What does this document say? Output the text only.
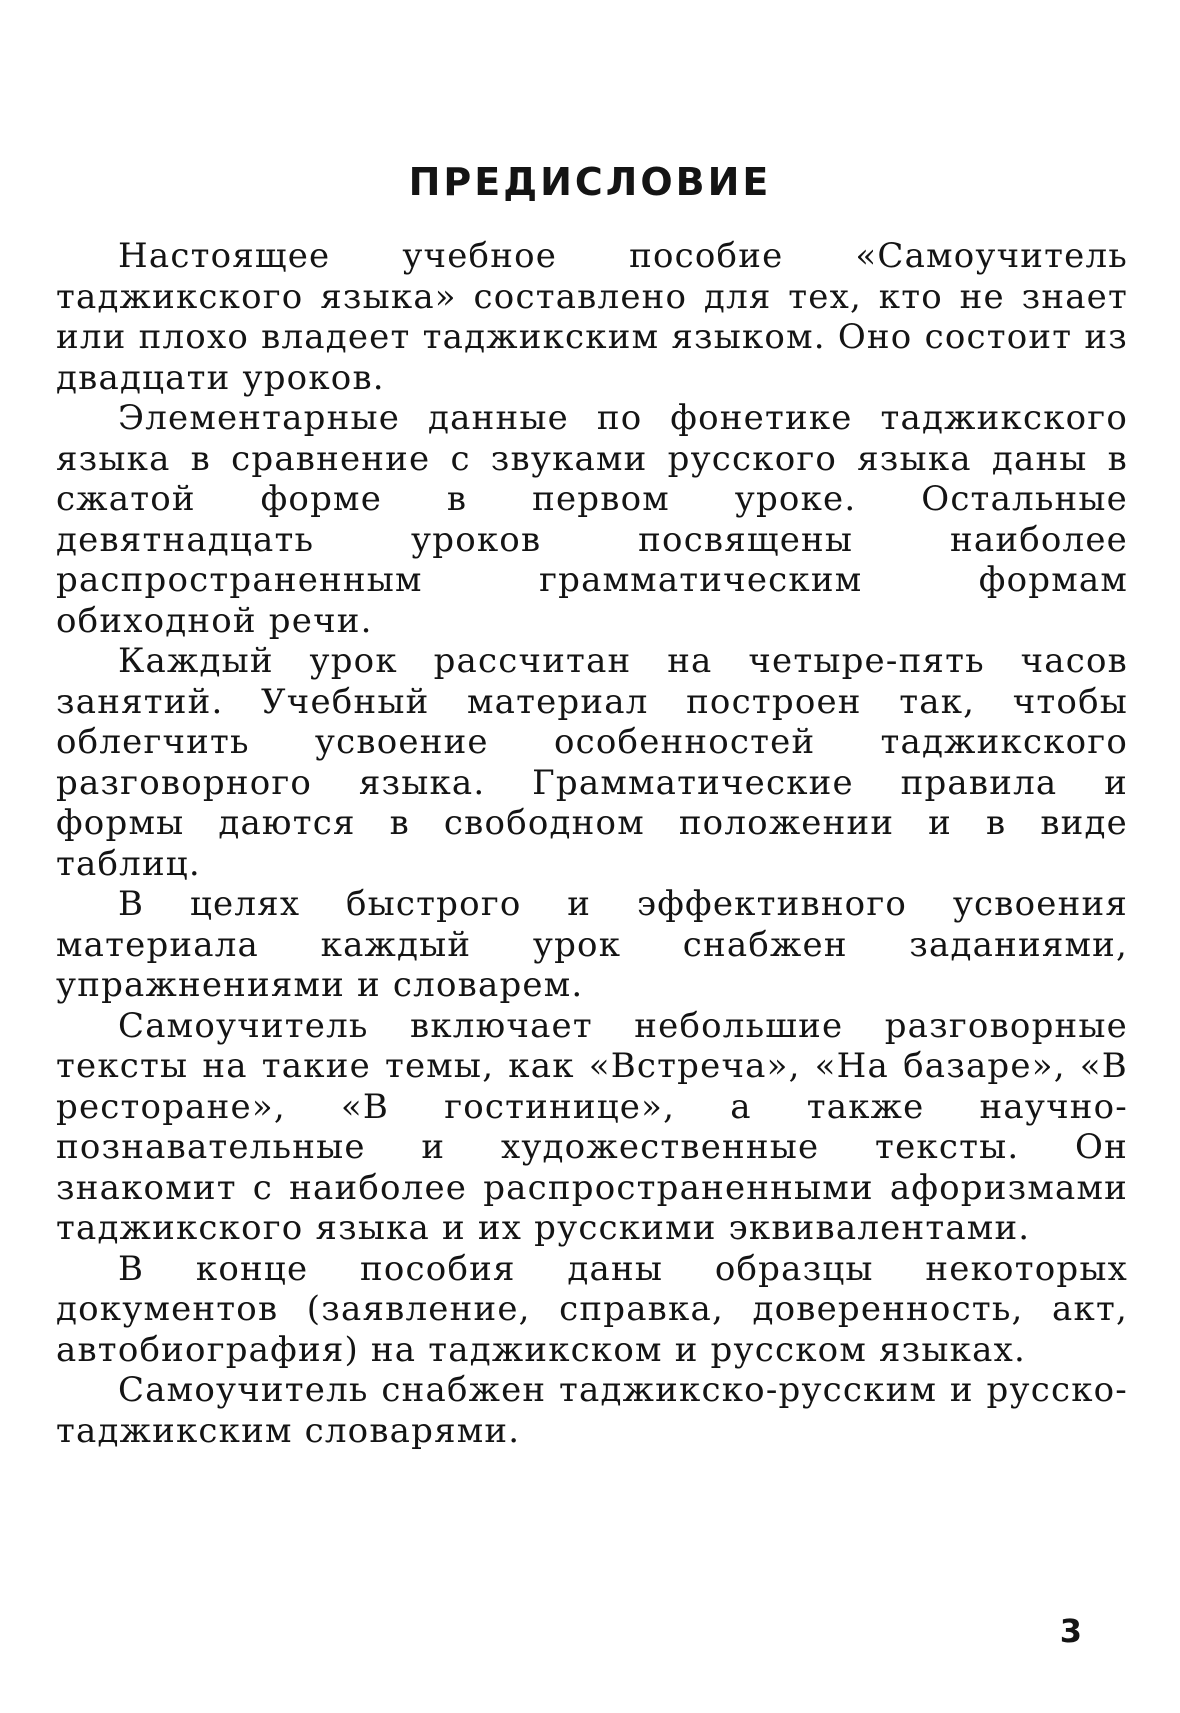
ПРЕДИСЛОВИЕ

Настоящее учебное пособие «Самоучитель таджикского языка» составлено для тех, кто не знает или плохо владеет таджикским языком. Оно состоит из двадцати уроков.

Элементарные данные по фонетике таджикского языка в сравнение с звуками русского языка даны в сжатой форме в первом уроке. Остальные девятнадцать уроков посвящены наиболее распространенным грамматическим формам обиходной речи.

Каждый урок рассчитан на четыре-пять часов занятий. Учебный материал построен так, чтобы облегчить усвоение особенностей таджикского разговорного языка. Грамматические правила и формы даются в свободном положении и в виде таблиц.

В целях быстрого и эффективного усвоения материала каждый урок снабжен заданиями, упражнениями и словарем.

Самоучитель включает небольшие разговорные тексты на такие темы, как «Встреча», «На базаре», «В ресторане», «В гостинице», а также научно-познавательные и художественные тексты. Он знакомит с наиболее распространенными афоризмами таджикского языка и их русскими эквивалентами.

В конце пособия даны образцы некоторых документов (заявление, справка, доверенность, акт, автобиография) на таджикском и русском языках.

Самоучитель снабжен таджикско-русским и русско-таджикским словарями.

3
